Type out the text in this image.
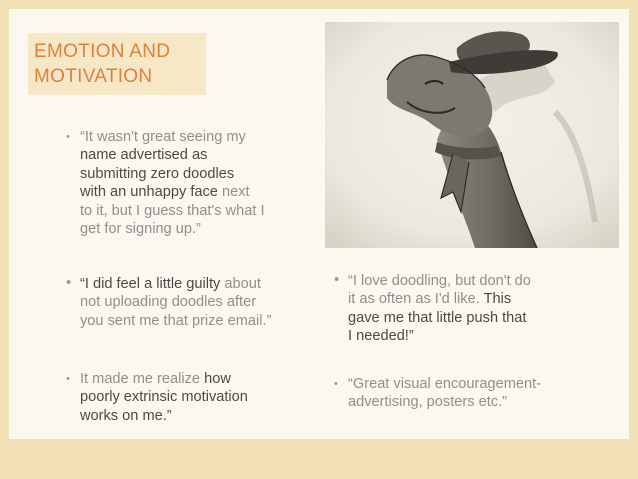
EMOTION AND
MOTIVATION
• “It wasn't great seeing my
name advertised as
submitting zero doodles
with an unhappy face next
to it, but I guess that's what I
get for signing up.”
• “I did feel a little guilty about
not uploading doodles after
you sent me that prize email.”
• It made me realize how
poorly extrinsic motivation
works on me.”
• “I love doodling, but don't do
it as often as I'd like. This
gave me that little push that
I needed!”
• “Great visual encouragement-
advertising, posters etc.”
